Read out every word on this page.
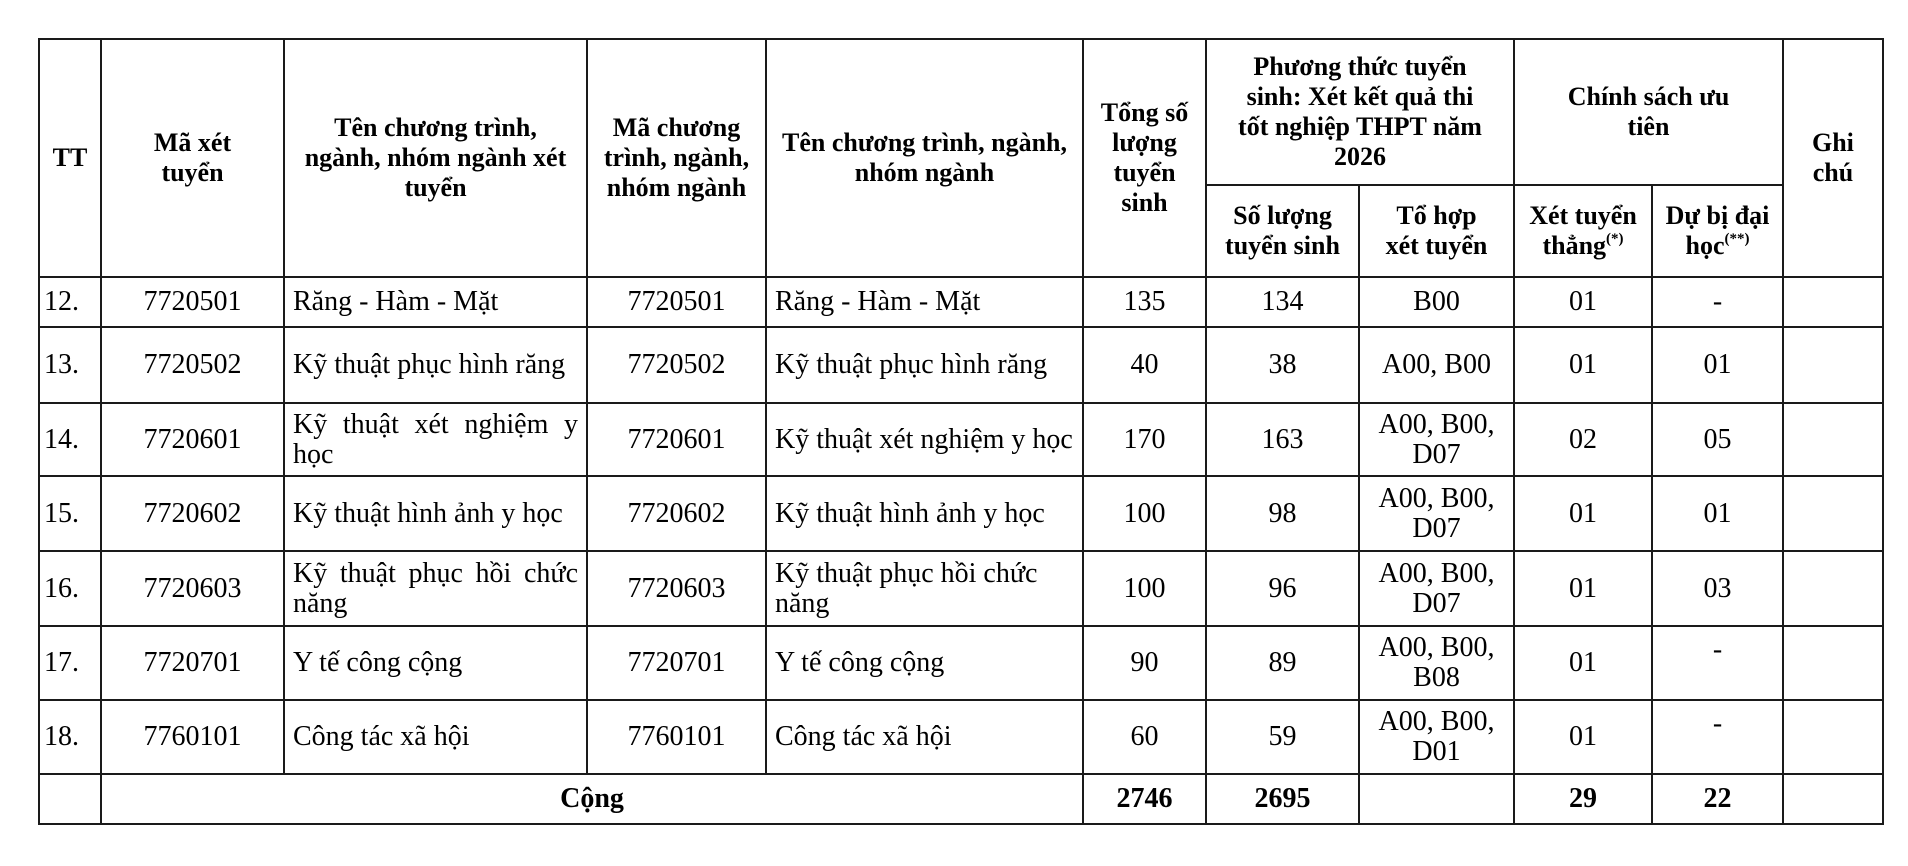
TT	Mã xét tuyển	Tên chương trình, ngành, nhóm ngành xét tuyển	Mã chương trình, ngành, nhóm ngành	Tên chương trình, ngành, nhóm ngành	Tổng số lượng tuyển sinh	Phương thức tuyển sinh: Xét kết quả thi tốt nghiệp THPT năm 2026		Chính sách ưu tiên		Ghi chú
						Số lượng tuyển sinh	Tổ hợp xét tuyển	Xét tuyển thẳng(*)	Dự bị đại học(**)
12.	7720501	Răng - Hàm - Mặt	7720501	Răng - Hàm - Mặt	135	134	B00	01	-	
13.	7720502	Kỹ thuật phục hình răng	7720502	Kỹ thuật phục hình răng	40	38	A00, B00	01	01	
14.	7720601	Kỹ thuật xét nghiệm y học	7720601	Kỹ thuật xét nghiệm y học	170	163	A00, B00, D07	02	05	
15.	7720602	Kỹ thuật hình ảnh y học	7720602	Kỹ thuật hình ảnh y học	100	98	A00, B00, D07	01	01	
16.	7720603	Kỹ thuật phục hồi chức năng	7720603	Kỹ thuật phục hồi chức năng	100	96	A00, B00, D07	01	03	
17.	7720701	Y tế công cộng	7720701	Y tế công cộng	90	89	A00, B00, B08	01	-	
18.	7760101	Công tác xã hội	7760101	Công tác xã hội	60	59	A00, B00, D01	01	-	
	Cộng				2746	2695		29	22	
